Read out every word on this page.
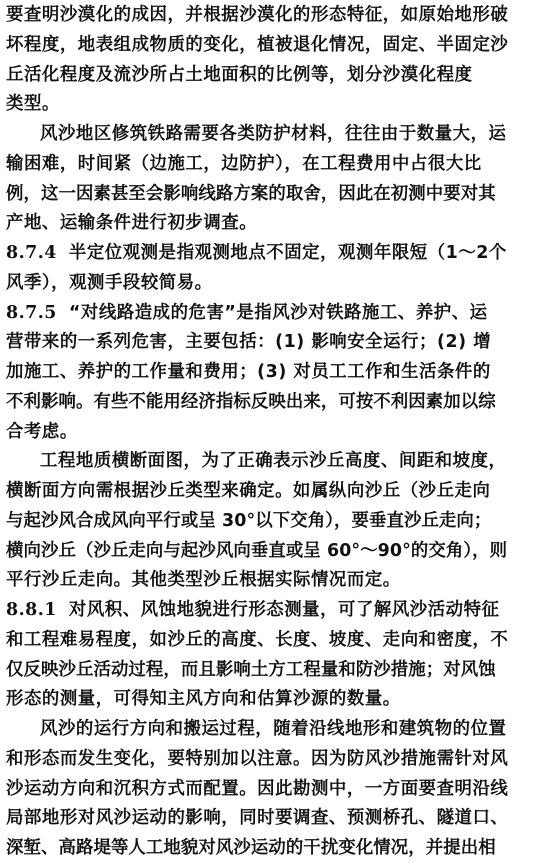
要查明沙漠化的成因，并根据沙漠化的形态特征，如原始地形破
坏程度，地表组成物质的变化，植被退化情况，固定、半固定沙
丘活化程度及流沙所占土地面积的比例等，划分沙漠化程度
类型。
风沙地区修筑铁路需要各类防护材料，往往由于数量大，运
输困难，时间紧（边施工，边防护），在工程费用中占很大比
例，这一因素甚至会影响线路方案的取舍，因此在初测中要对其
产地、运输条件进行初步调查。
8.7.4 半定位观测是指观测地点不固定，观测年限短（1～2个
风季），观测手段较简易。
8.7.5 “对线路造成的危害”是指风沙对铁路施工、养护、运
营带来的一系列危害，主要包括：(1) 影响安全运行；(2) 增
加施工、养护的工作量和费用；(3) 对员工工作和生活条件的
不利影响。有些不能用经济指标反映出来，可按不利因素加以综
合考虑。
工程地质横断面图，为了正确表示沙丘高度、间距和坡度，
横断面方向需根据沙丘类型来确定。如属纵向沙丘（沙丘走向
与起沙风合成风向平行或呈 30°以下交角），要垂直沙丘走向；
横向沙丘（沙丘走向与起沙风向垂直或呈 60°～90°的交角），则
平行沙丘走向。其他类型沙丘根据实际情况而定。
8.8.1 对风积、风蚀地貌进行形态测量，可了解风沙活动特征
和工程难易程度，如沙丘的高度、长度、坡度、走向和密度，不
仅反映沙丘活动过程，而且影响土方工程量和防沙措施；对风蚀
形态的测量，可得知主风方向和估算沙源的数量。
风沙的运行方向和搬运过程，随着沿线地形和建筑物的位置
和形态而发生变化，要特别加以注意。因为防风沙措施需针对风
沙运动方向和沉积方式而配置。因此勘测中，一方面要查明沿线
局部地形对风沙运动的影响，同时要调查、预测桥孔、隧道口、
深堑、高路堤等人工地貌对风沙运动的干扰变化情况，并提出相
